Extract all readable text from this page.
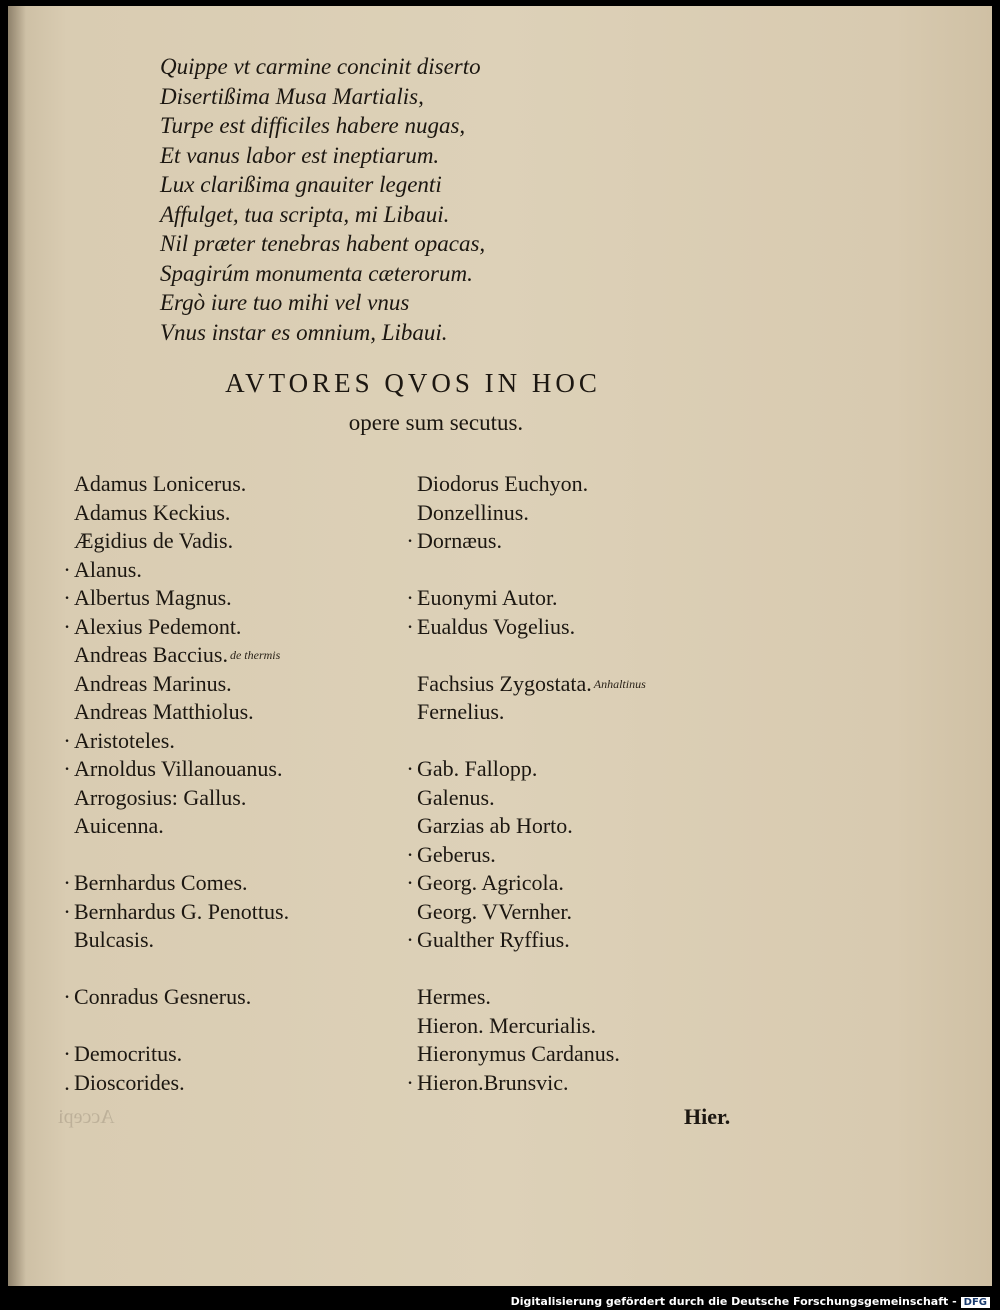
Quippe vt carmine concinit diserto
Disertißima Musa Martialis,
Turpe est difficiles habere nugas,
Et vanus labor est ineptiarum.
Lux clarißima gnauiter legenti
Affulget, tua scripta, mi Libaui.
Nil præter tenebras habent opacas,
Spagirúm monumenta cæterorum.
Ergò iure tuo mihi vel vnus
Vnus instar es omnium, Libaui.
AVTORES QVOS IN HOC
opere sum secutus.
Adamus Lonicerus.
Adamus Keckius.
Ægidius de Vadis.
· Alanus.
· Albertus Magnus.
· Alexius Pedemont.
Andreas Baccius. de thermis
Andreas Marinus.
Andreas Matthiolus.
· Aristoteles.
· Arnoldus Villanouanus.
Arrogosius: Gallus.
Auicenna.
· Bernhardus Comes.
· Bernhardus G. Penottus.
Bulcasis.
· Conradus Gesnerus.
· Democritus.
. Dioscorides.
Diodorus Euchyon.
Donzellinus.
· Dornæus.
· Euonymi Autor.
· Eualdus Vogelius.
Fachsius Zygostata. Anhaltinus
Fernelius.
· Gab. Fallopp.
Galenus.
Garzias ab Horto.
· Geberus.
· Georg. Agricola.
Georg. VVernher.
· Gualther Ryffius.
Hermes.
Hieron. Mercurialis.
Hieronymus Cardanus.
· Hieron.Brunsvic.
Accepi	Hier.
Digitalisierung gefördert durch die Deutsche Forschungsgemeinschaft - DFG
